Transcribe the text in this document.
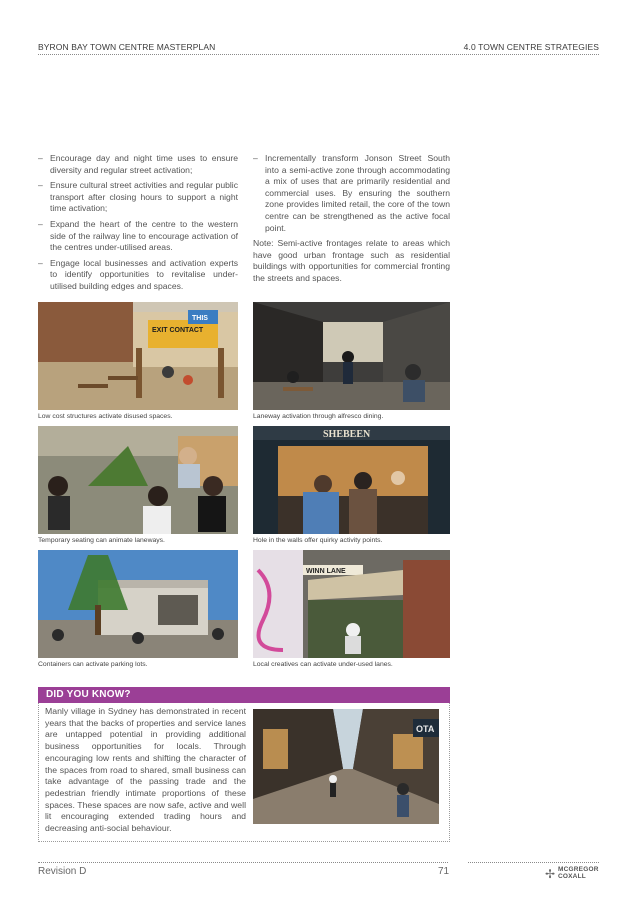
BYRON BAY TOWN CENTRE MASTERPLAN	4.0 TOWN CENTRE STRATEGIES
– Encourage day and night time uses to ensure diversity and regular street activation;
– Ensure cultural street activities and regular public transport after closing hours to support a night time activation;
– Expand the heart of the centre to the western side of the railway line to encourage activation of the centres under-utilised areas.
– Engage local businesses and activation experts to identify opportunities to revitalise under-utilised building edges and spaces.
– Incrementally transform Jonson Street South into a semi-active zone through accommodating a mix of uses that are primarily residential and commercial uses. By ensuring the southern zone provides limited retail, the core of the town centre can be strengthened as the active focal point.
Note: Semi-active frontages relate to areas which have good urban frontage such as residential buildings with opportunities for commercial fronting the streets and spaces.
EXIT CONTACT
THIS
Low cost structures activate disused spaces.	Laneway activation through alfresco dining.
Temporary seating can animate laneways.
SHEBEEN
Hole in the walls offer quirky activity points.
Containers can activate parking lots.
WINN LANE
Local creatives can activate under-used lanes.
DID YOU KNOW?
Manly village in Sydney has demonstrated in recent years that the backs of properties and service lanes are untapped potential in providing additional business opportunities for locals. Through encouraging low rents and shifting the character of the spaces from road to shared, small business can take advantage of the passing trade and the pedestrian friendly intimate proportions of these spaces. These spaces are now safe, active and well lit encouraging extended trading hours and decreasing anti-social behaviour.
OTA
Revision D	71	✢ MCGREGOR
COXALL
